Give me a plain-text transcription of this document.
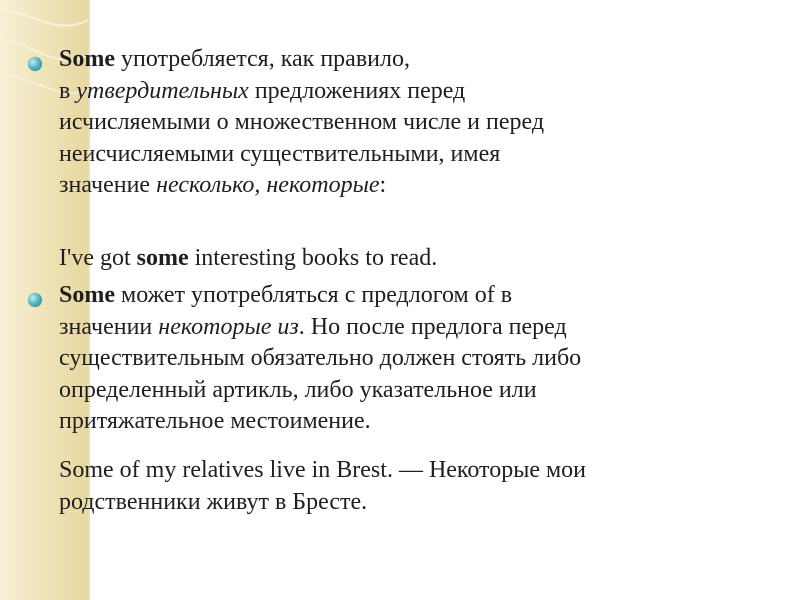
Some употребляется, как правило,
в утвердительных предложениях перед
исчисляемыми о множественном числе и перед
неисчисляемыми существительными, имея
значение несколько, некоторые:
I've got some interesting books to read.
Some может употребляться с предлогом of в
значении некоторые из. Но после предлога перед
существительным обязательно должен стоять либо
определенный артикль, либо указательное или
притяжательное местоимение.
Some of my relatives live in Brest. — Некоторые мои
родственники живут в Бресте.
